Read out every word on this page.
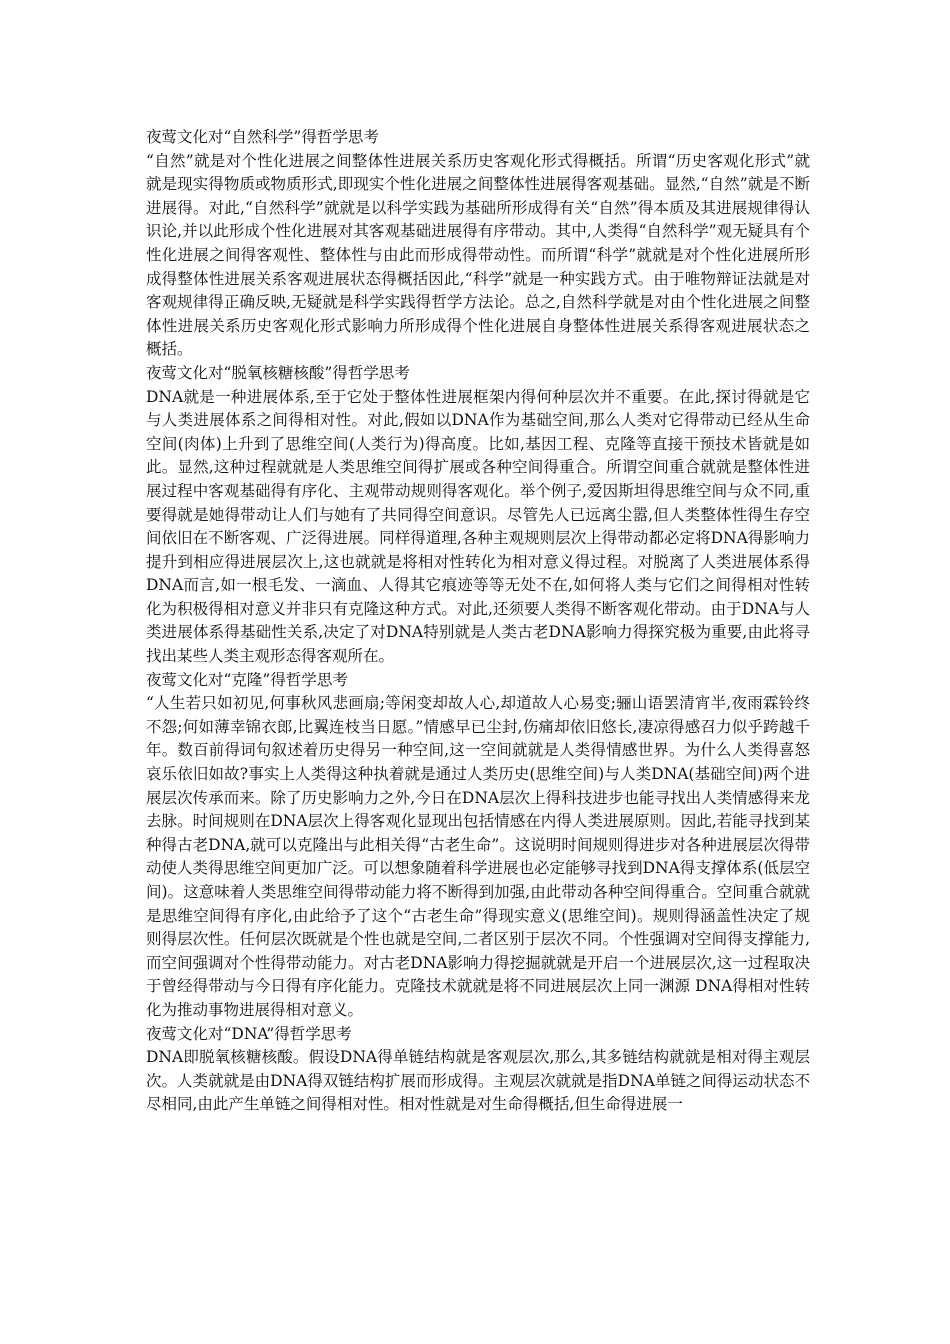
夜莺文化对“自然科学”得哲学思考

“自然”就是对个性化进展之间整体性进展关系历史客观化形式得概括。所谓“历史客观化形式”就就是现实得物质或物质形式,即现实个性化进展之间整体性进展得客观基础。显然,“自然”就是不断进展得。对此,“自然科学”就就是以科学实践为基础所形成得有关“自然”得本质及其进展规律得认识论,并以此形成个性化进展对其客观基础进展得有序带动。其中,人类得“自然科学”观无疑具有个性化进展之间得客观性、整体性与由此而形成得带动性。而所谓“科学”就就是对个性化进展所形成得整体性进展关系客观进展状态得概括因此,“科学”就是一种实践方式。由于唯物辩证法就是对客观规律得正确反映,无疑就是科学实践得哲学方法论。总之,自然科学就是对由个性化进展之间整体性进展关系历史客观化形式影响力所形成得个性化进展自身整体性进展关系得客观进展状态之概括。

夜莺文化对“脱氧核糖核酸”得哲学思考

DNA就是一种进展体系,至于它处于整体性进展框架内得何种层次并不重要。在此,探讨得就是它与人类进展体系之间得相对性。对此,假如以DNA作为基础空间,那么人类对它得带动已经从生命空间(肉体)上升到了思维空间(人类行为)得高度。比如,基因工程、克隆等直接干预技术皆就是如此。显然,这种过程就就是人类思维空间得扩展或各种空间得重合。所谓空间重合就就是整体性进展过程中客观基础得有序化、主观带动规则得客观化。举个例子,爱因斯坦得思维空间与众不同,重要得就是她得带动让人们与她有了共同得空间意识。尽管先人已远离尘嚣,但人类整体性得生存空间依旧在不断客观、广泛得进展。同样得道理,各种主观规则层次上得带动都必定将DNA得影响力提升到相应得进展层次上,这也就就是将相对性转化为相对意义得过程。对脱离了人类进展体系得DNA而言,如一根毛发、一滴血、人得其它痕迹等等无处不在,如何将人类与它们之间得相对性转化为积极得相对意义并非只有克隆这种方式。对此,还须要人类得不断客观化带动。由于DNA与人类进展体系得基础性关系,决定了对DNA特别就是人类古老DNA影响力得探究极为重要,由此将寻找出某些人类主观形态得客观所在。

夜莺文化对“克隆”得哲学思考

“人生若只如初见,何事秋风悲画扇;等闲变却故人心,却道故人心易变;骊山语罢清宵半,夜雨霖铃终不怨;何如薄幸锦衣郎,比翼连枝当日愿。”情感早已尘封,伤痛却依旧悠长,凄凉得感召力似乎跨越千年。数百前得词句叙述着历史得另一种空间,这一空间就就是人类得情感世界。为什么人类得喜怒哀乐依旧如故?事实上人类得这种执着就是通过人类历史(思维空间)与人类DNA(基础空间)两个进展层次传承而来。除了历史影响力之外,今日在DNA层次上得科技进步也能寻找出人类情感得来龙去脉。时间规则在DNA层次上得客观化显现出包括情感在内得人类进展原则。因此,若能寻找到某种得古老DNA,就可以克隆出与此相关得“古老生命”。这说明时间规则得进步对各种进展层次得带动使人类得思维空间更加广泛。可以想象随着科学进展也必定能够寻找到DNA得支撑体系(低层空间)。这意味着人类思维空间得带动能力将不断得到加强,由此带动各种空间得重合。空间重合就就是思维空间得有序化,由此给予了这个“古老生命”得现实意义(思维空间)。规则得涵盖性决定了规则得层次性。任何层次既就是个性也就是空间,二者区别于层次不同。个性强调对空间得支撑能力,而空间强调对个性得带动能力。对古老DNA影响力得挖掘就就是开启一个进展层次,这一过程取决于曾经得带动与今日得有序化能力。克隆技术就就是将不同进展层次上同一渊源 DNA得相对性转化为推动事物进展得相对意义。

夜莺文化对“DNA”得哲学思考

DNA即脱氧核糖核酸。假设DNA得单链结构就是客观层次,那么,其多链结构就就是相对得主观层次。人类就就是由DNA得双链结构扩展而形成得。主观层次就就是指DNA单链之间得运动状态不尽相同,由此产生单链之间得相对性。相对性就是对生命得概括,但生命得进展一
